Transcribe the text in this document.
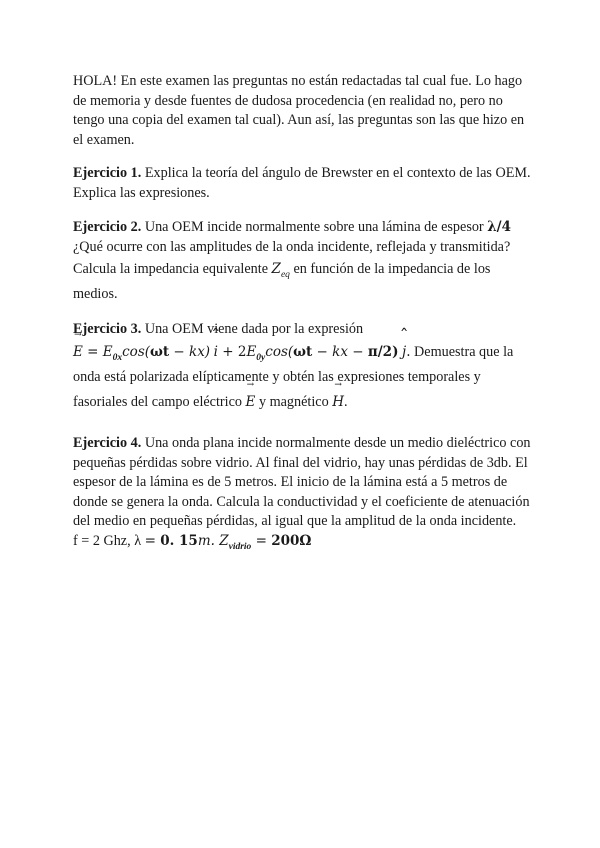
HOLA! En este examen las preguntas no están redactadas tal cual fue. Lo hago
de memoria y desde fuentes de dudosa procedencia (en realidad no, pero no
tengo una copia del examen tal cual). Aun así, las preguntas son las que hizo en
el examen.

Ejercicio 1. Explica la teoría del ángulo de Brewster en el contexto de las OEM.
Explica las expresiones.

Ejercicio 2. Una OEM incide normalmente sobre una lámina de espesor λ/4
¿Qué ocurre con las amplitudes de la onda incidente, reflejada y transmitida?
Calcula la impedancia equivalente $Z_{eq}$ en función de la impedancia de los
medios.

Ejercicio 3. Una OEM viene dada por la expresión
→ $E = E_{0x}\cos(\omega t - kx)$ ˆ $i + 2E_{0y}\cos(\omega t$ − kx − π/2) ˆ j. Demuestra que la
onda está polarizada elípticamente y obtén las expresiones temporales y
fasoriales del campo eléctrico → E y magnético → H.

Ejercicio 4. Una onda plana incide normalmente desde un medio dieléctrico con
pequeñas pérdidas sobre vidrio. Al final del vidrio, hay unas pérdidas de 3db. El
espesor de la lámina es de 5 metros. El inicio de la lámina está a 5 metros de
donde se genera la onda. Calcula la conductividad y el coeficiente de atenuación
del medio en pequeñas pérdidas, al igual que la amplitud de la onda incidente.
f = 2 Ghz, λ = 0. 15m. $Z_{vidrio} = 200\Omega$
